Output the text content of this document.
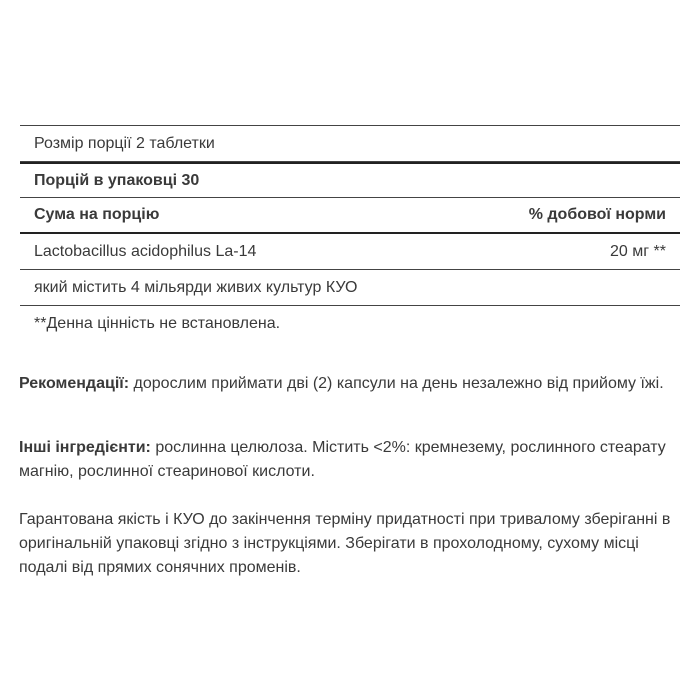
Розмір порції 2 таблетки
Порцій в упаковці 30
Сума на порцію	% добової норми
Lactobacillus acidophilus La-14	20 мг **
який містить 4 мільярди живих культур КУО
**Денна цінність не встановлена.
Рекомендації: дорослим приймати дві (2) капсули на день незалежно від прийому їжі.
Інші інгредієнти: рослинна целюлоза. Містить <2%: кремнезему, рослинного стеарату магнію, рослинної стеаринової кислоти.
Гарантована якість і КУО до закінчення терміну придатності при тривалому зберіганні в оригінальній упаковці згідно з інструкціями. Зберігати в прохолодному, сухому місці подалі від прямих сонячних променів.
